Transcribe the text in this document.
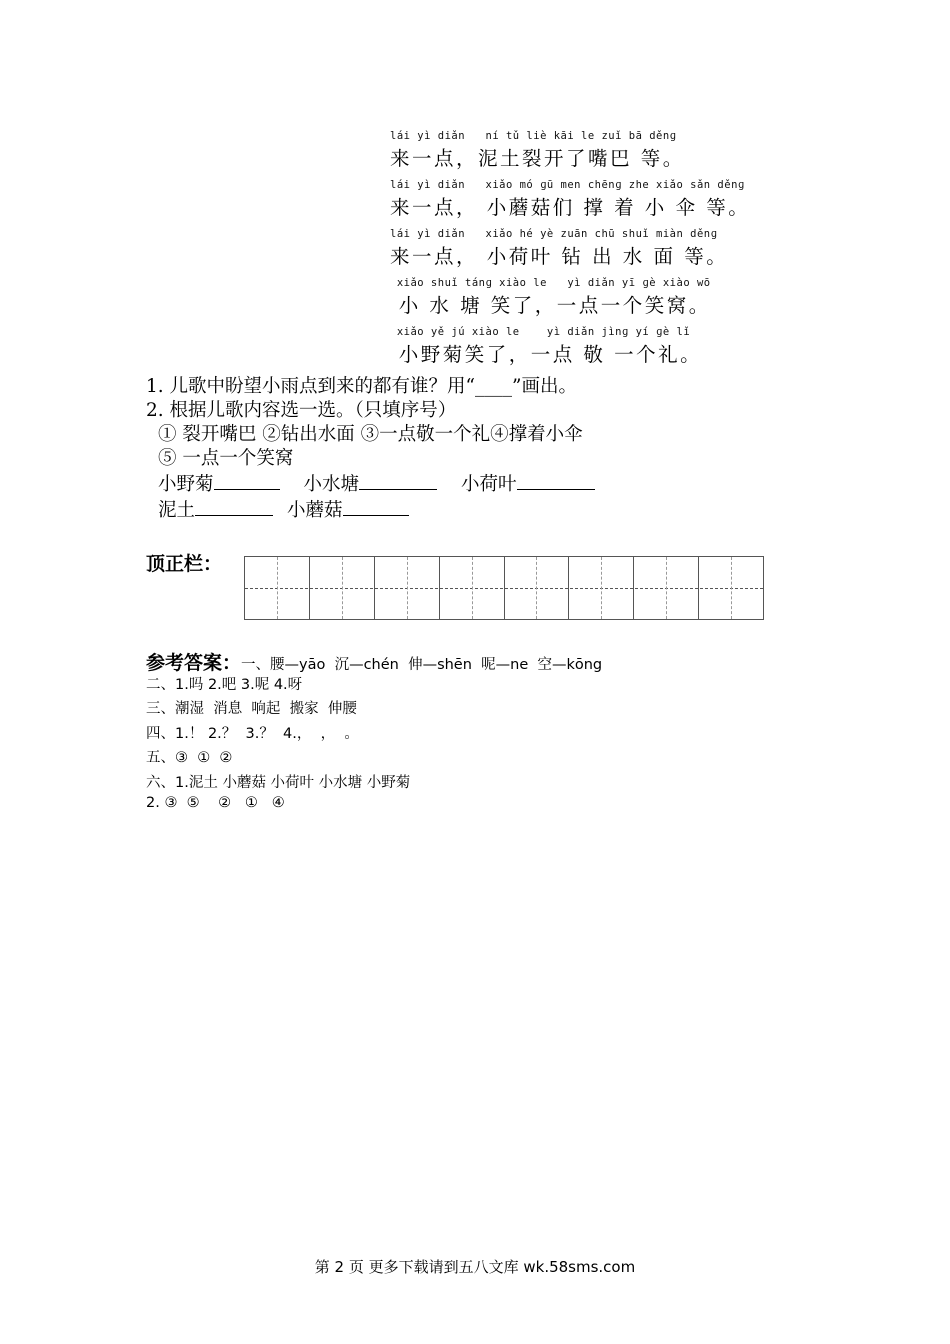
lái yì diǎn   ní tǔ liè kāi le zuǐ bā děnɡ
来一点，泥土裂开了嘴巴 等。
lái yì diǎn   xiǎo mó ɡū men chēnɡ zhe xiǎo sǎn děnɡ
来一点， 小蘑菇们 撑 着 小 伞 等。
lái yì diǎn   xiǎo hé yè zuān chū shuǐ miàn děnɡ
来一点， 小荷叶 钻 出 水 面 等。
xiǎo shuǐ tánɡ xiào le   yì diǎn yī ɡè xiào wō
小 水 塘 笑了，一点一个笑窝。
xiǎo yě jú xiào le    yì diǎn jìnɡ yí ɡè lǐ
小野菊笑了，一点 敬 一个礼。
1. 儿歌中盼望小雨点到来的都有谁？用“____”画出。
2. 根据儿歌内容选一选。（只填序号）
① 裂开嘴巴 ②钻出水面 ③一点敬一个礼④撑着小伞
⑤ 一点一个笑窝
小野菊	小水塘	小荷叶
泥土	小蘑菇
顶正栏：
参考答案：一、腰—yāo  沉—chén  伸—shēn  呢—ne  空—kōng
二、1.吗 2.吧 3.呢 4.呀
三、潮湿  消息  响起  搬家  伸腰
四、1.！ 2.？  3.？  4.，  ，  。
五、③  ①  ②
六、1.泥土 小蘑菇 小荷叶 小水塘 小野菊
2. ③  ⑤    ②   ①   ④
第 2 页 更多下载请到五八文库 wk.58sms.com
